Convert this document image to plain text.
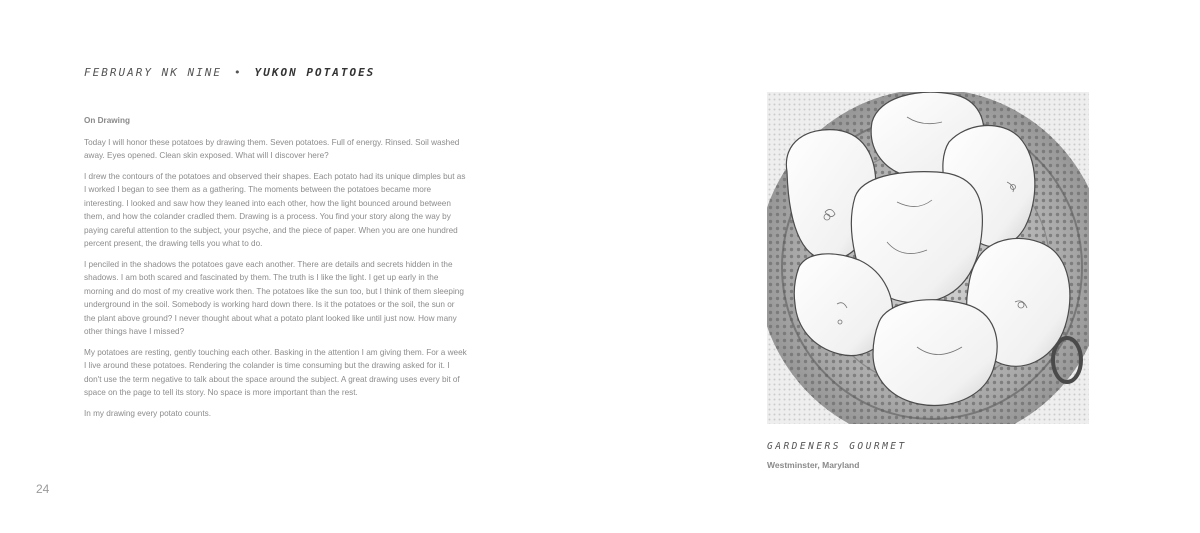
FEBRUARY NK NINE • YUKON POTATOES
On Drawing

Today I will honor these potatoes by drawing them. Seven potatoes. Full of energy. Rinsed. Soil washed away. Eyes opened. Clean skin exposed. What will I discover here?

I drew the contours of the potatoes and observed their shapes. Each potato had its unique dimples but as I worked I began to see them as a gathering. The moments between the potatoes became more interesting. I looked and saw how they leaned into each other, how the light bounced around between them, and how the colander cradled them. Drawing is a process. You find your story along the way by paying careful attention to the subject, your psyche, and the piece of paper. When you are one hundred percent present, the drawing tells you what to do.

I penciled in the shadows the potatoes gave each another. There are details and secrets hidden in the shadows. I am both scared and fascinated by them. The truth is I like the light. I get up early in the morning and do most of my creative work then. The potatoes like the sun too, but I think of them sleeping underground in the soil. Somebody is working hard down there. Is it the potatoes or the soil, the sun or the plant above ground? I never thought about what a potato plant looked like until just now. How many other things have I missed?

My potatoes are resting, gently touching each other. Basking in the attention I am giving them. For a week I live around these potatoes. Rendering the colander is time consuming but the drawing asked for it. I don't use the term negative to talk about the space around the subject. A great drawing uses every bit of space on the page to tell its story. No space is more important than the rest.

In my drawing every potato counts.

24
GARDENERS GOURMET
Westminster, Maryland
